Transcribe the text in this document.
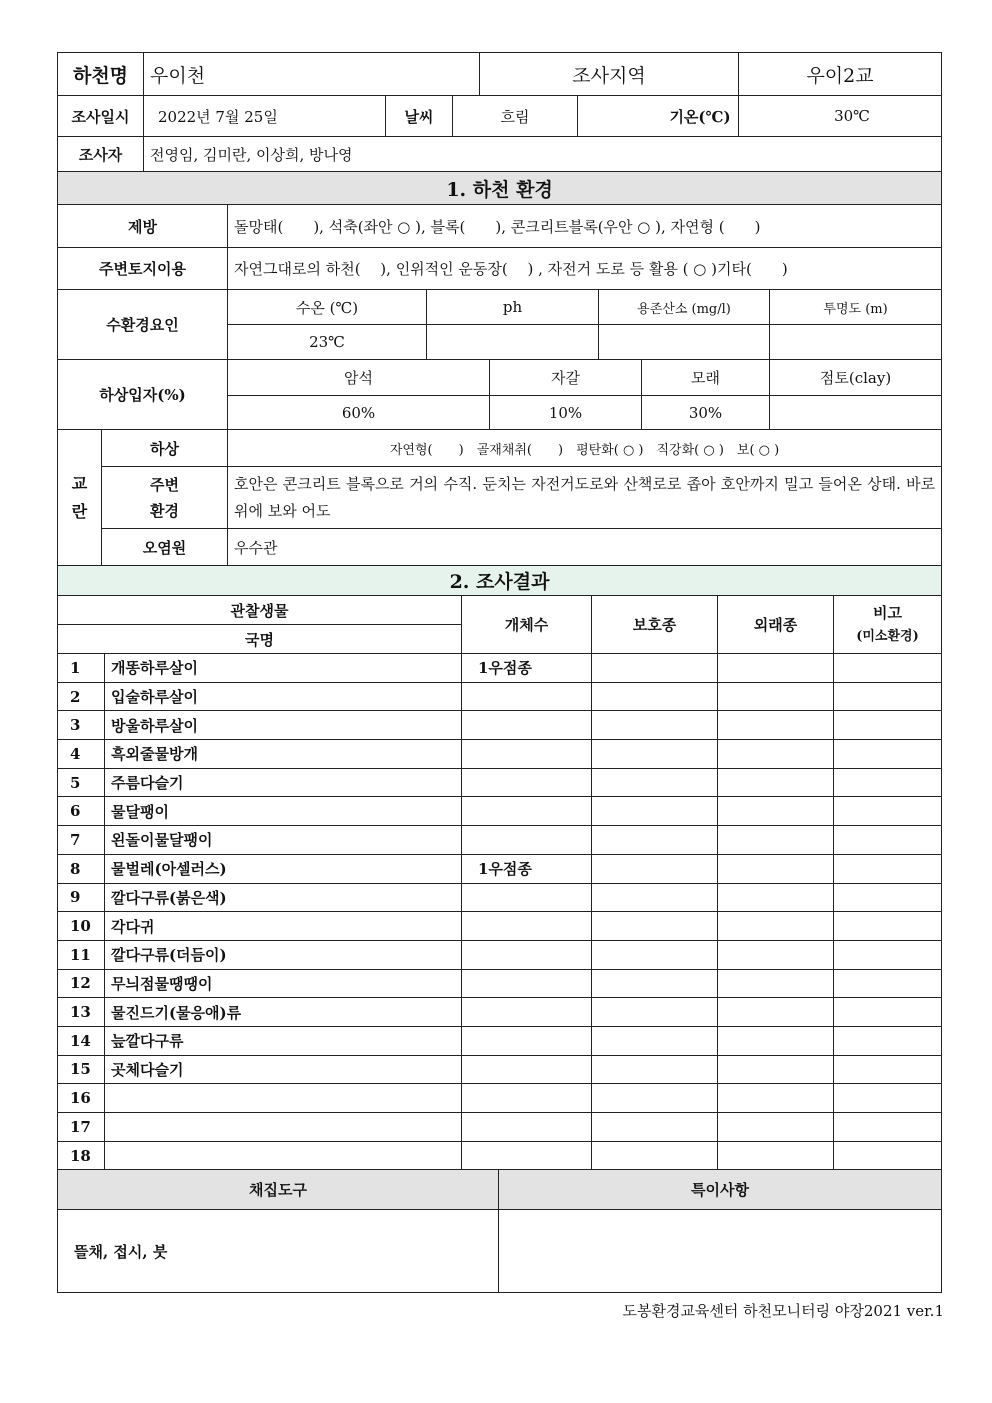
하천명	우이천			조사지역		우이2교
조사일시	2022년 7월 25일	날씨	흐림		기온(℃)	30℃
조사자	전영임, 김미란, 이상희, 방나영					
1. 하천 환경							
제방		돌망태(　　), 석축(좌안 ○ ), 블록(　　), 콘크리트블록(우안 ○ ), 자연형 (　　)					
주변토지이용		자연그대로의 하천(　 ), 인위적인 운동장(　 ) , 자전거 도로 등 활용 ( ○ )기타(　　)					
수환경요인		수온 (℃)	ph		용존산소 (mg/l)		투명도 (m)
		23℃					
하상입자(%)		암석		자갈		모래	점토(clay)
		60%		10%		30%	
교란	하상	자연형(　　)　골재채취(　　)　평탄화( ○ )　직강화( ○ )　보( ○ )					

	주변
환경	호안은 콘크리트 블록으로 거의 수직. 둔치는 자전거도로와 산책로로 좁아 호안까지 밀고 들어온 상태. 바로 위에 보와 어도					
	오염원	우수관					
2. 조사결과					
관찰생물		개체수	보호종	외래종	비고
(미소환경)

국명					
1	개똥하루살이	1우점종			
2	입술하루살이				
3	방울하루살이				
4	흑외줄물방개				
5	주름다슬기				
6	물달팽이				
7	왼돌이물달팽이				
8	물벌레(아셀러스)	1우점종			
9	깔다구류(붉은색)				
10	각다귀				
11	깔다구류(더듬이)				
12	무늬점물땡땡이				
13	물진드기(물응애)류				
14	늪깔다구류				
15	곳체다슬기				
16					
17					
18					
채집도구	특이사항
뜰채, 접시, 붓	
도봉환경교육센터 하천모니터링 야장2021 ver.1
